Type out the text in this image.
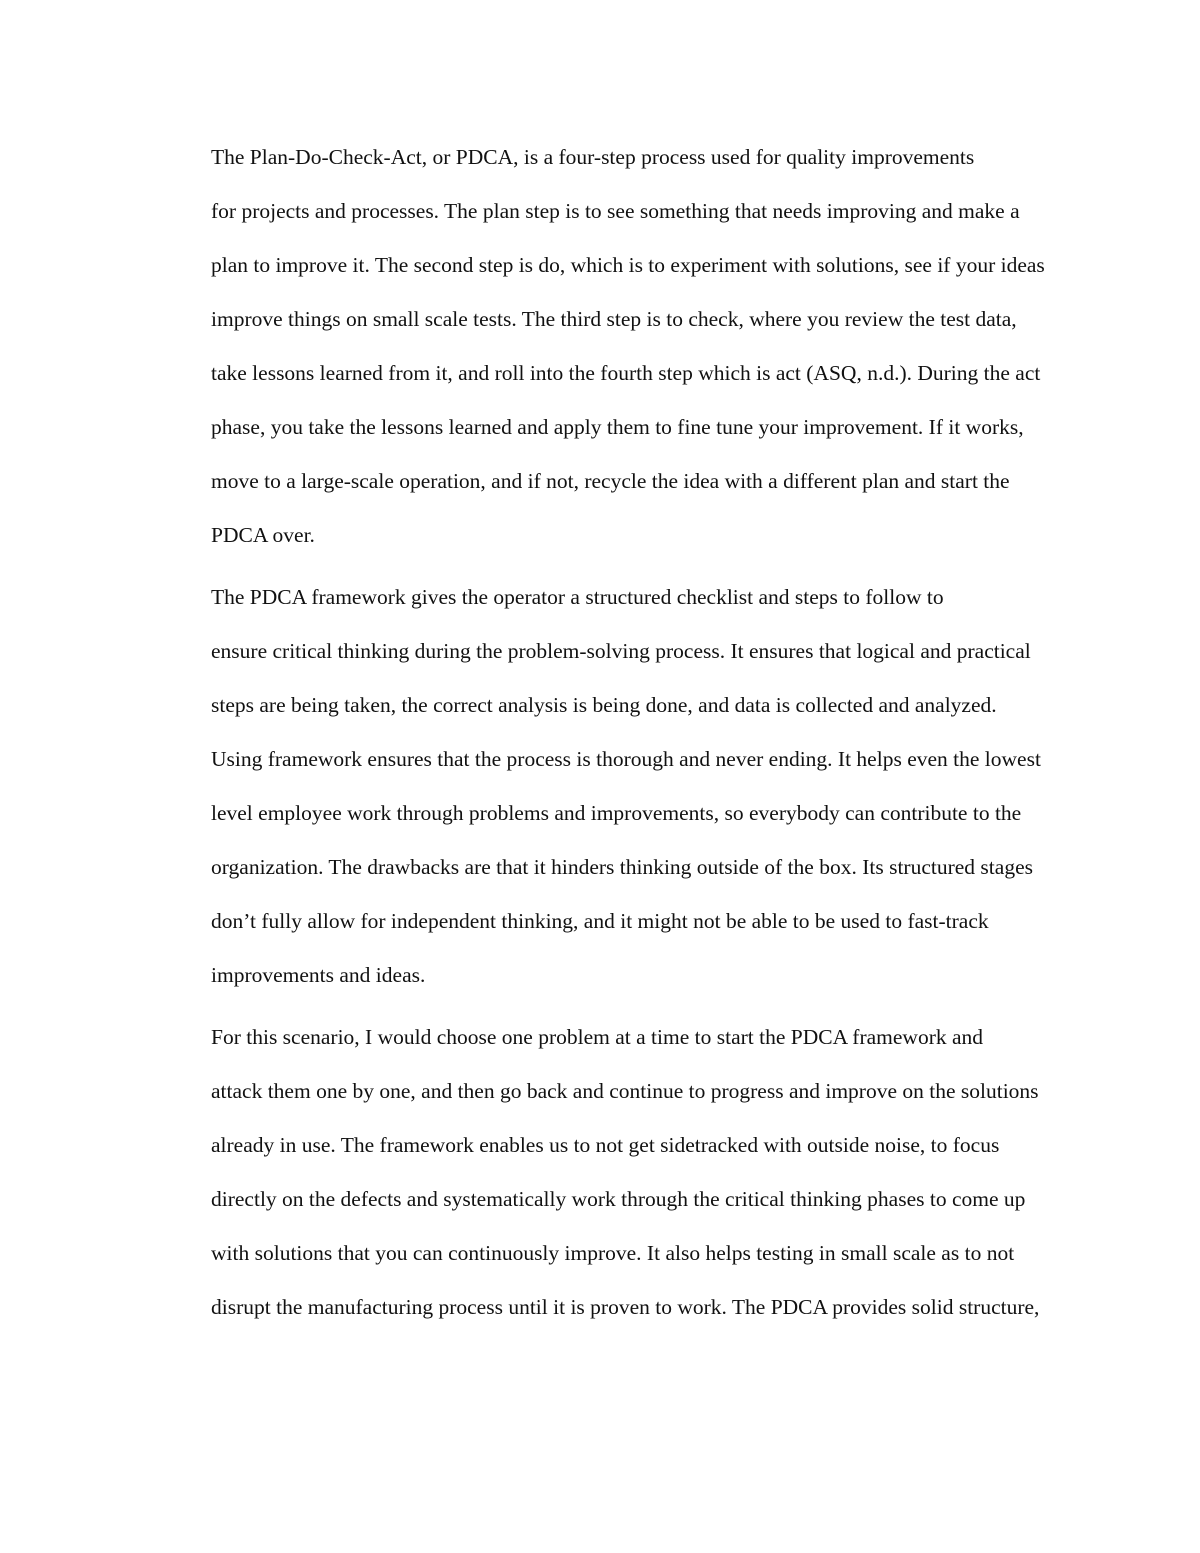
The Plan-Do-Check-Act, or PDCA, is a four-step process used for quality improvements
for projects and processes. The plan step is to see something that needs improving and make a
plan to improve it. The second step is do, which is to experiment with solutions, see if your ideas
improve things on small scale tests. The third step is to check, where you review the test data,
take lessons learned from it, and roll into the fourth step which is act (ASQ, n.d.). During the act
phase, you take the lessons learned and apply them to fine tune your improvement. If it works,
move to a large-scale operation, and if not, recycle the idea with a different plan and start the
PDCA over.

The PDCA framework gives the operator a structured checklist and steps to follow to
ensure critical thinking during the problem-solving process. It ensures that logical and practical
steps are being taken, the correct analysis is being done, and data is collected and analyzed.
Using framework ensures that the process is thorough and never ending. It helps even the lowest
level employee work through problems and improvements, so everybody can contribute to the
organization. The drawbacks are that it hinders thinking outside of the box. Its structured stages
don’t fully allow for independent thinking, and it might not be able to be used to fast-track
improvements and ideas.

For this scenario, I would choose one problem at a time to start the PDCA framework and
attack them one by one, and then go back and continue to progress and improve on the solutions
already in use. The framework enables us to not get sidetracked with outside noise, to focus
directly on the defects and systematically work through the critical thinking phases to come up
with solutions that you can continuously improve. It also helps testing in small scale as to not
disrupt the manufacturing process until it is proven to work. The PDCA provides solid structure,
